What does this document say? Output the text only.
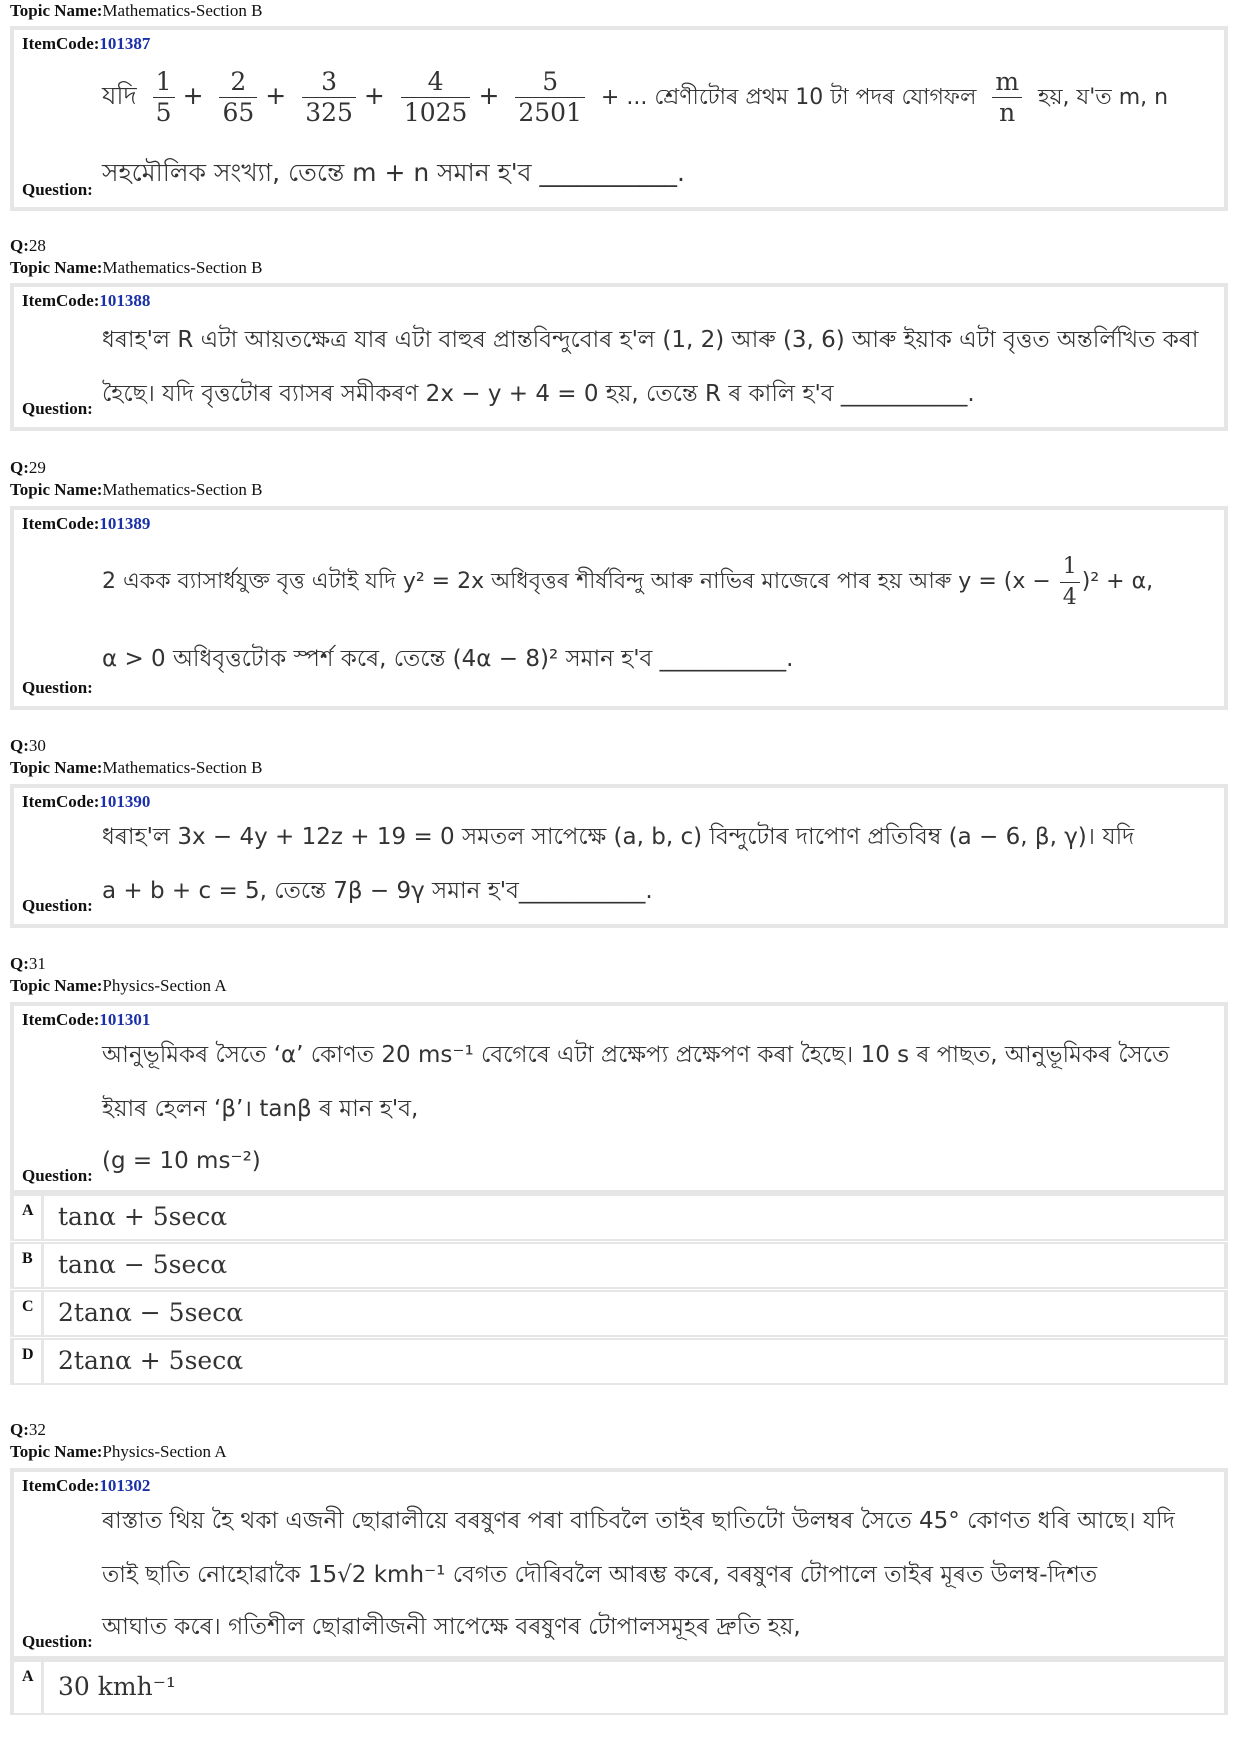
Topic Name:Mathematics-Section B
ItemCode:101387
যদি $\frac{1}{5} + \frac{2}{65} + \frac{3}{325} + \frac{4}{1025} + \frac{5}{2501}$ + ... শ্ৰেণীটোৰ প্ৰথম 10 টা পদৰ যোগফল $\frac{m}{n}$ হয়, য'ত m, n
সহমৌলিক সংখ্যা, তেন্তে m + n সমান হ'ব ___________.
Question:
Q:28
Topic Name:Mathematics-Section B
ItemCode:101388
ধৰাহ'ল R এটা আয়তক্ষেত্ৰ যাৰ এটা বাহুৰ প্ৰান্তবিন্দুবোৰ হ'ল (1, 2) আৰু (3, 6) আৰু ইয়াক এটা বৃত্তত অন্তৰ্লিখিত কৰা
হৈছে। যদি বৃত্তটোৰ ব্যাসৰ সমীকৰণ 2x − y + 4 = 0 হয়, তেন্তে R ৰ কালি হ'ব ___________.
Question:
Q:29
Topic Name:Mathematics-Section B
ItemCode:101389
2 একক ব্যাসাৰ্ধযুক্ত বৃত্ত এটাই যদি y² = 2x অধিবৃত্তৰ শীৰ্ষবিন্দু আৰু নাভিৰ মাজেৰে পাৰ হয় আৰু $y = (x - \frac{1}{4} )^2 + \alpha$,
α > 0 অধিবৃত্তটোক স্পৰ্শ কৰে, তেন্তে (4α − 8)² সমান হ'ব ___________.
Question:
Q:30
Topic Name:Mathematics-Section B
ItemCode:101390
ধৰাহ'ল 3x − 4y + 12z + 19 = 0 সমতল সাপেক্ষে (a, b, c) বিন্দুটোৰ দাপোণ প্ৰতিবিম্ব (a − 6, β, γ)। যদি
a + b + c = 5, তেন্তে 7β − 9γ সমান হ'ব___________.
Question:
Q:31
Topic Name:Physics-Section A
ItemCode:101301
আনুভূমিকৰ সৈতে ‘α’ কোণত 20 ms⁻¹ বেগেৰে এটা প্ৰক্ষেপ্য প্ৰক্ষেপণ কৰা হৈছে। 10 s ৰ পাছত, আনুভূমিকৰ সৈতে
ইয়াৰ হেলন ‘β’। tanβ ৰ মান হ'ব,
(g = 10 ms⁻²)
Question:
A tanα + 5secα
B	tanα − 5secα
C 2tanα − 5secα
D 2tanα + 5secα
Q:32
Topic Name:Physics-Section A
ItemCode:101302
ৰাস্তাত থিয় হৈ থকা এজনী ছোৱালীয়ে বৰষুণৰ পৰা বাচিবলৈ তাইৰ ছাতিটো উলম্বৰ সৈতে 45° কোণত ধৰি আছে। যদি
তাই ছাতি নোহোৱাকৈ 15√2 kmh⁻¹ বেগত দৌৰিবলৈ আৰম্ভ কৰে, বৰষুণৰ টোপালে তাইৰ মূৰত উলম্ব-দিশত
আঘাত কৰে। গতিশীল ছোৱালীজনী সাপেক্ষে বৰষুণৰ টোপালসমূহৰ দ্ৰুতি হয়,
Question:
A 30 kmh⁻¹
